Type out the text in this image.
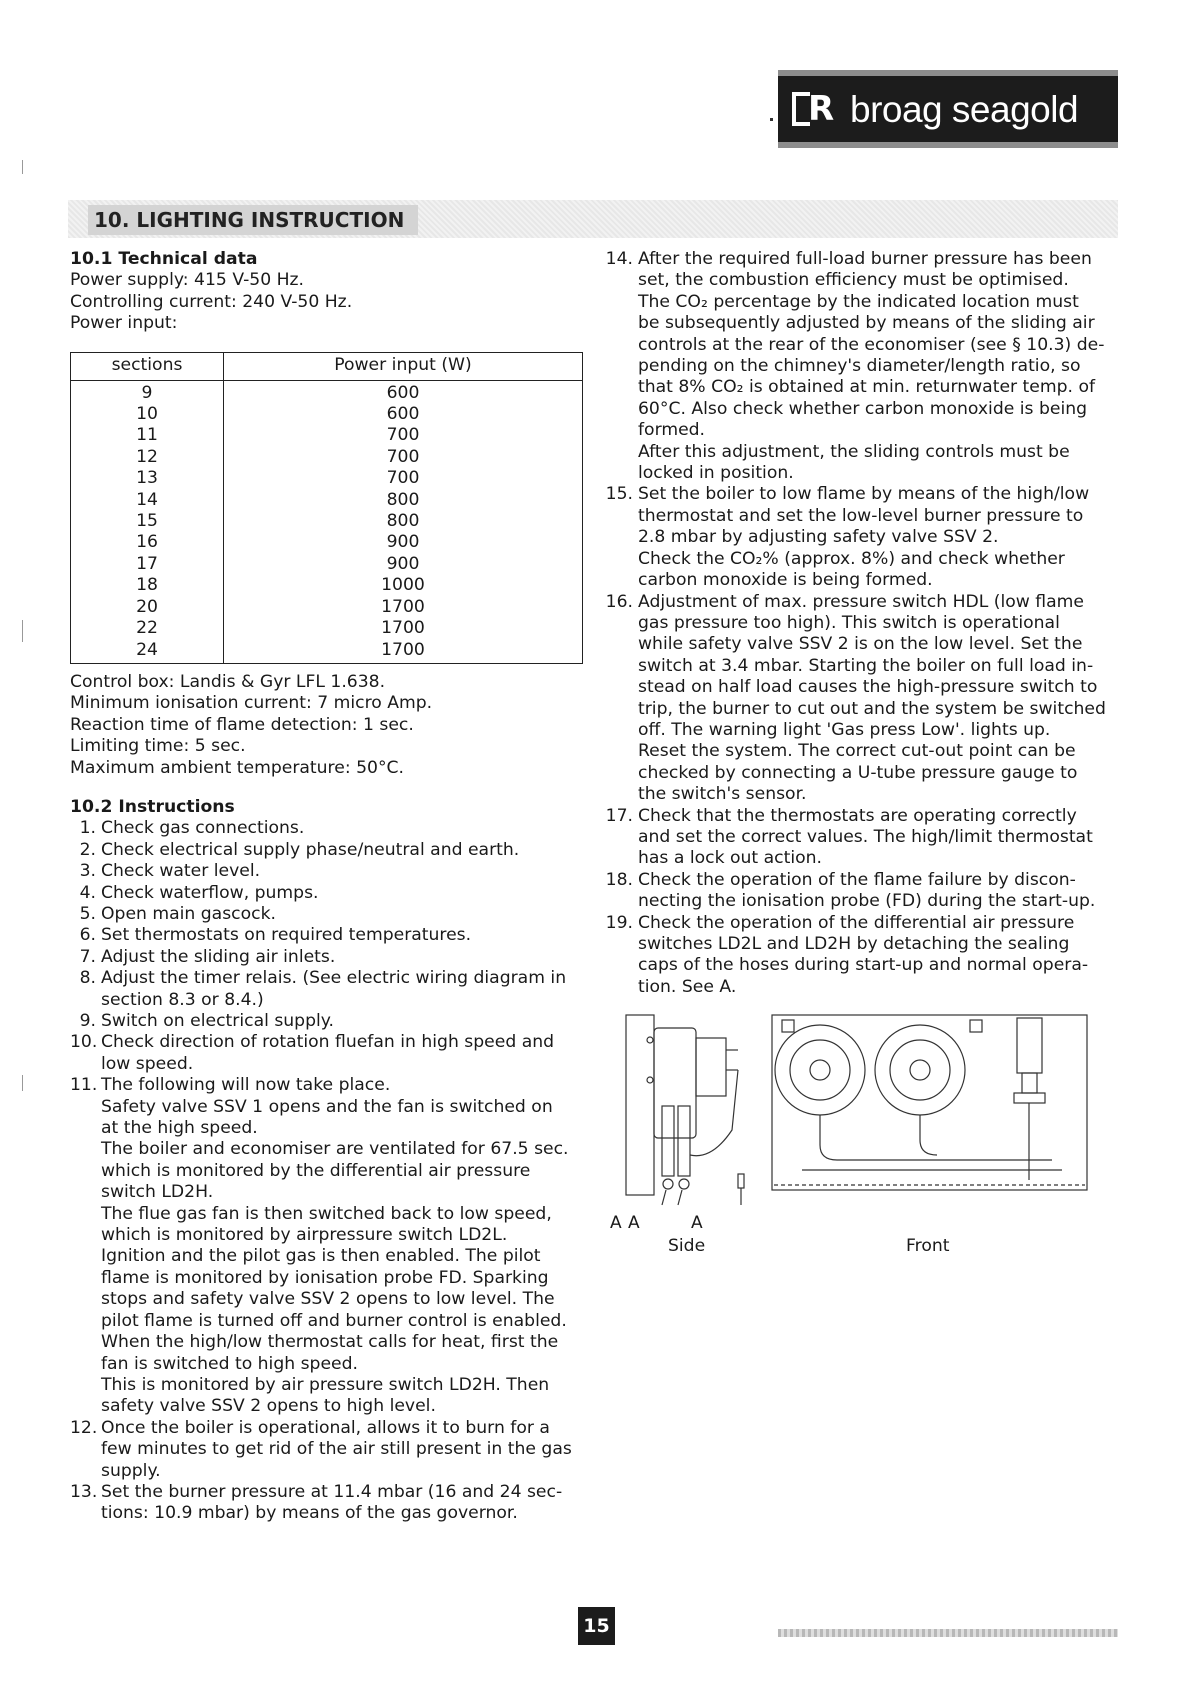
R broag seagold
10. LIGHTING INSTRUCTION
10.1 Technical data
Power supply: 415 V-50 Hz.
Controlling current: 240 V-50 Hz.
Power input:
sections	Power input (W)
9	600
10	600
11	700
12	700
13	700
14	800
15	800
16	900
17	900
18	1000
20	1700
22	1700
24	1700
Control box: Landis & Gyr LFL 1.638.
Minimum ionisation current: 7 micro Amp.
Reaction time of flame detection: 1 sec.
Limiting time: 5 sec.
Maximum ambient temperature: 50°C.
10.2 Instructions
1. Check gas connections.
2. Check electrical supply phase/neutral and earth.
3. Check water level.
4. Check waterflow, pumps.
5. Open main gascock.
6. Set thermostats on required temperatures.
7. Adjust the sliding air inlets.
8. Adjust the timer relais. (See electric wiring diagram in
section 8.3 or 8.4.)
9. Switch on electrical supply.
10. Check direction of rotation fluefan in high speed and
low speed.
11. The following will now take place.
Safety valve SSV 1 opens and the fan is switched on
at the high speed.
The boiler and economiser are ventilated for 67.5 sec.
which is monitored by the differential air pressure
switch LD2H.
The flue gas fan is then switched back to low speed,
which is monitored by airpressure switch LD2L.
Ignition and the pilot gas is then enabled. The pilot
flame is monitored by ionisation probe FD. Sparking
stops and safety valve SSV 2 opens to low level. The
pilot flame is turned off and burner control is enabled.
When the high/low thermostat calls for heat, first the
fan is switched to high speed.
This is monitored by air pressure switch LD2H. Then
safety valve SSV 2 opens to high level.
12. Once the boiler is operational, allows it to burn for a
few minutes to get rid of the air still present in the gas
supply.
13. Set the burner pressure at 11.4 mbar (16 and 24 sec-
tions: 10.9 mbar) by means of the gas governor.
14. After the required full-load burner pressure has been
set, the combustion efficiency must be optimised.
The CO₂ percentage by the indicated location must
be subsequently adjusted by means of the sliding air
controls at the rear of the economiser (see § 10.3) de-
pending on the chimney's diameter/length ratio, so
that 8% CO₂ is obtained at min. returnwater temp. of
60°C. Also check whether carbon monoxide is being
formed.
After this adjustment, the sliding controls must be
locked in position.
15. Set the boiler to low flame by means of the high/low
thermostat and set the low-level burner pressure to
2.8 mbar by adjusting safety valve SSV 2.
Check the CO₂% (approx. 8%) and check whether
carbon monoxide is being formed.
16. Adjustment of max. pressure switch HDL (low flame
gas pressure too high). This switch is operational
while safety valve SSV 2 is on the low level. Set the
switch at 3.4 mbar. Starting the boiler on full load in-
stead on half load causes the high-pressure switch to
trip, the burner to cut out and the system be switched
off. The warning light 'Gas press Low'. lights up.
Reset the system. The correct cut-out point can be
checked by connecting a U-tube pressure gauge to
the switch's sensor.
17. Check that the thermostats are operating correctly
and set the correct values. The high/limit thermostat
has a lock out action.
18. Check the operation of the flame failure by discon-
necting the ionisation probe (FD) during the start-up.
19. Check the operation of the differential air pressure
switches LD2L and LD2H by detaching the sealing
caps of the hoses during start-up and normal opera-
tion. See A.
A A	A
Side	Front
15
